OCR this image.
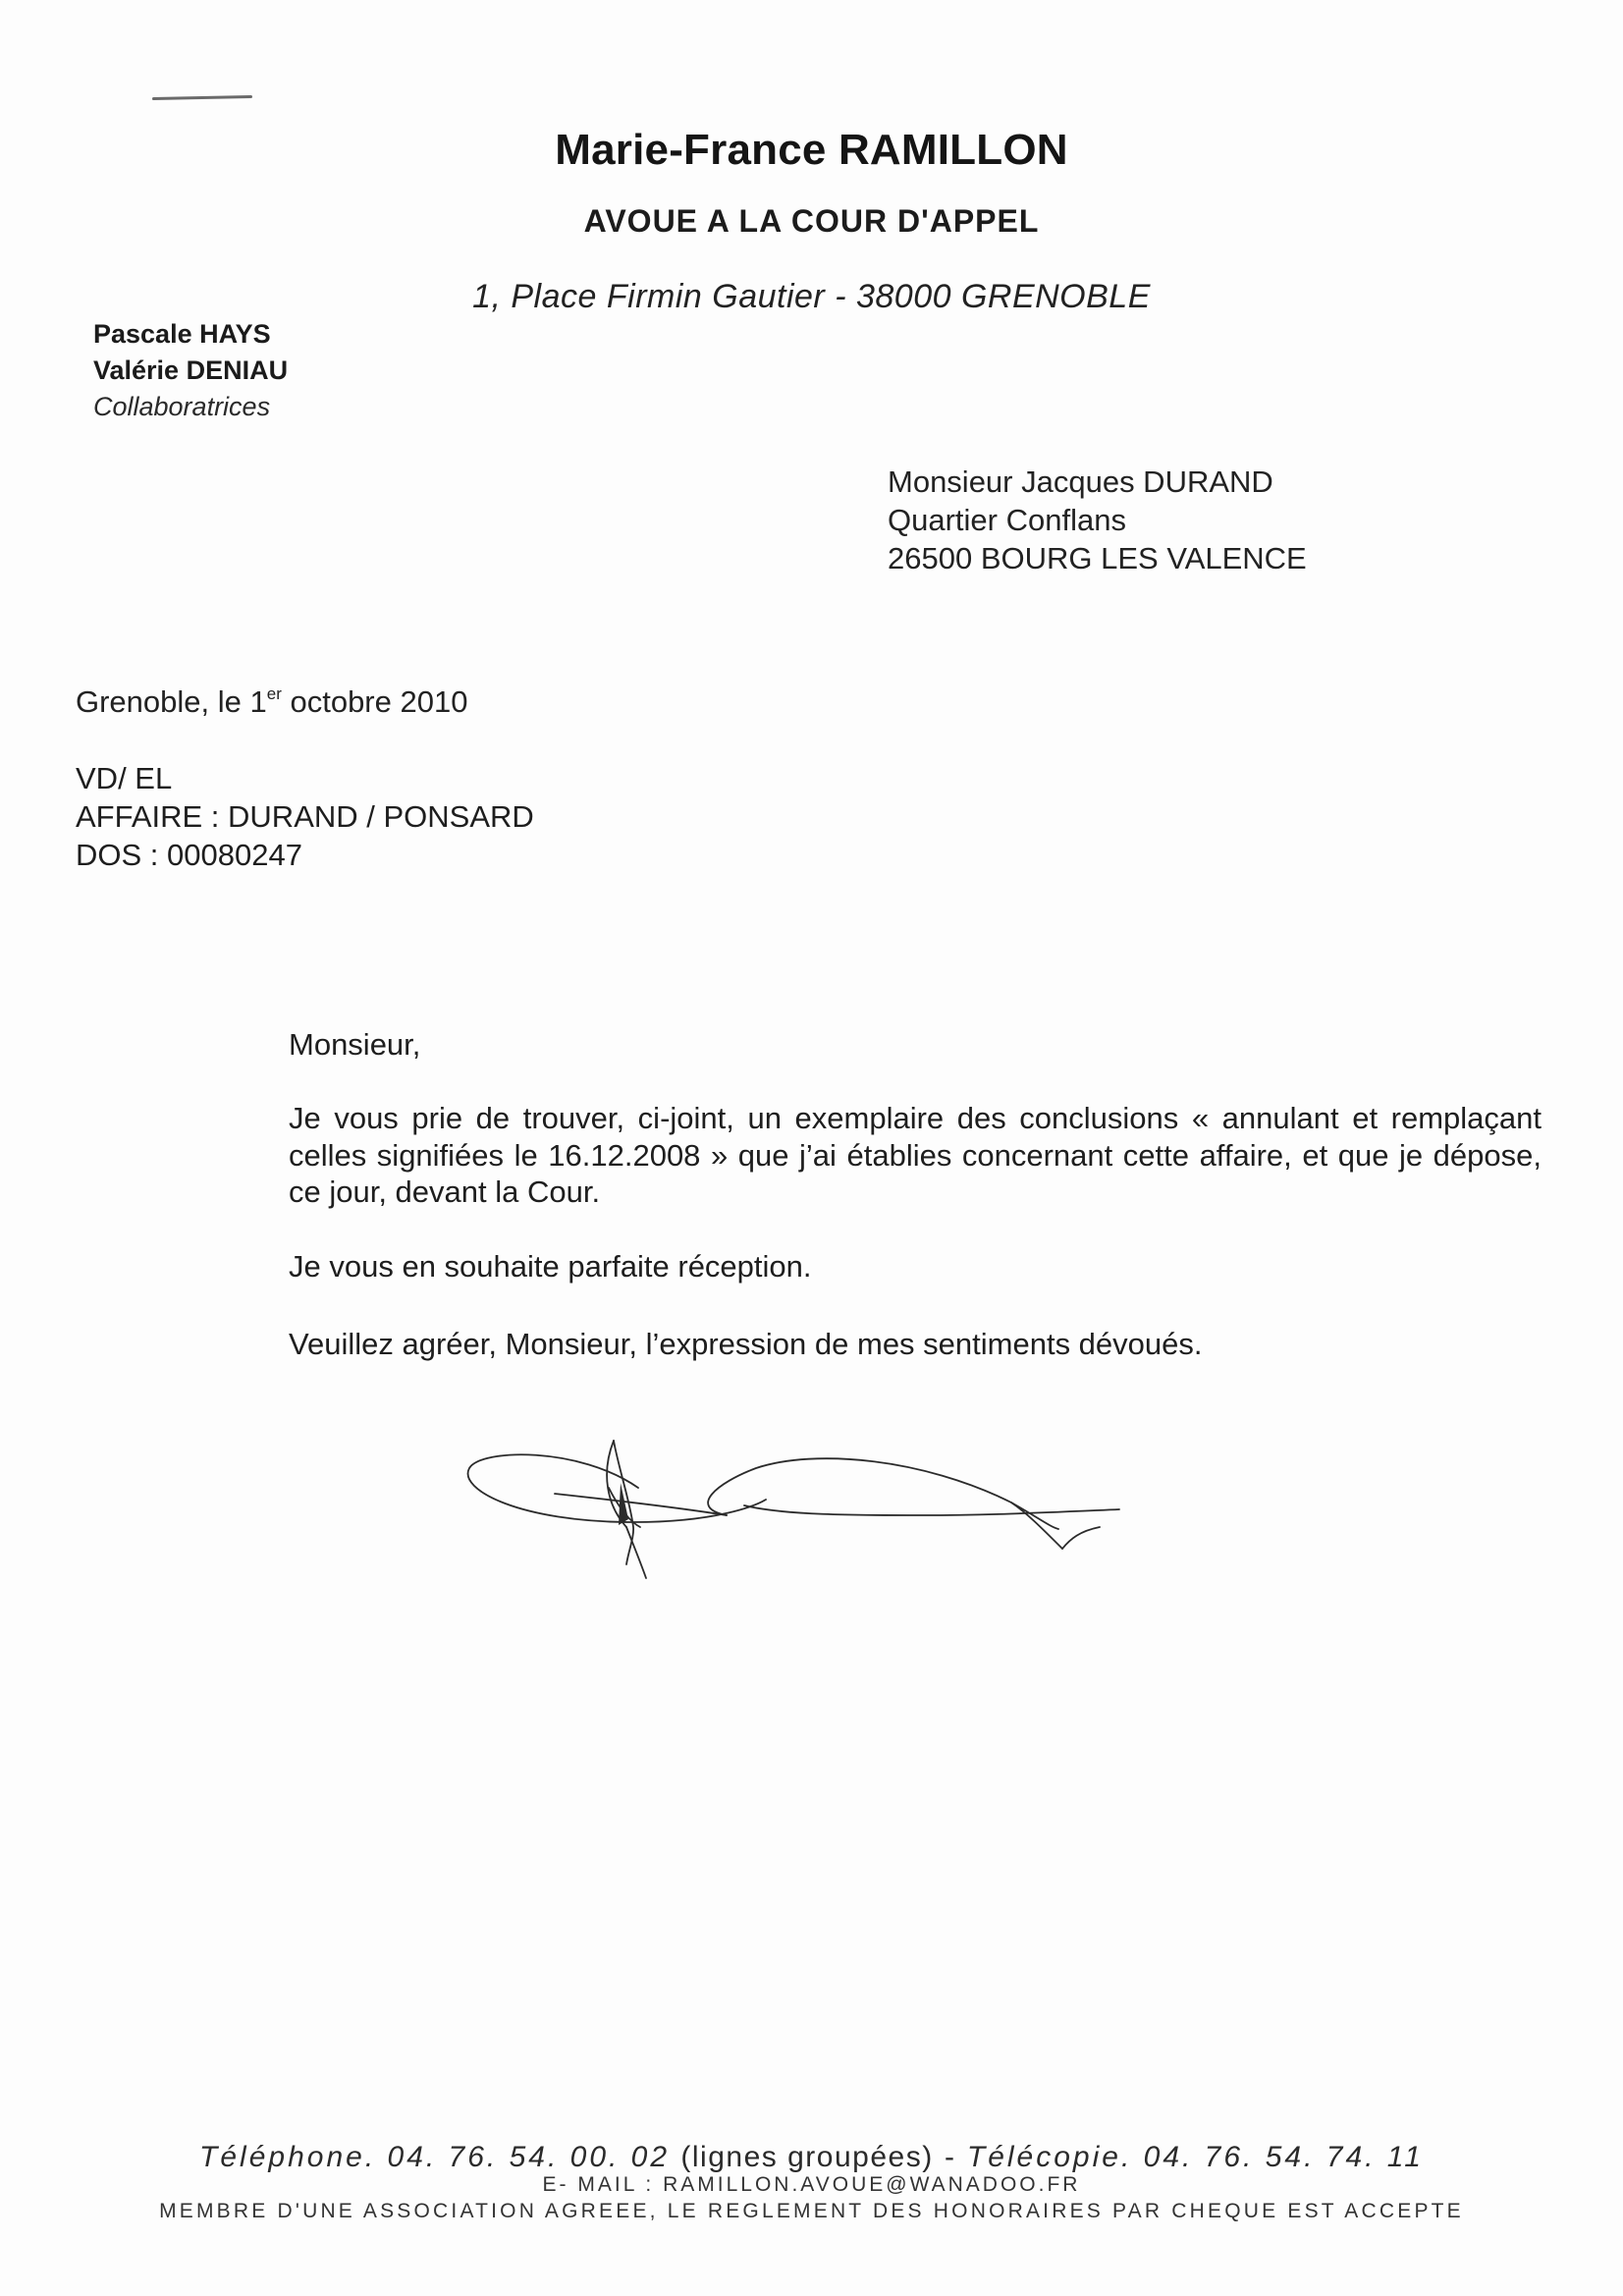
Marie-France RAMILLON
AVOUE A LA COUR D'APPEL
1, Place Firmin Gautier - 38000 GRENOBLE
Pascale HAYS
Valérie DENIAU
Collaboratrices
Monsieur Jacques DURAND
Quartier Conflans
26500 BOURG LES VALENCE
Grenoble, le 1er octobre 2010
VD/ EL
AFFAIRE : DURAND / PONSARD
DOS : 00080247
Monsieur,
Je vous prie de trouver, ci-joint, un exemplaire des conclusions « annulant et remplaçant celles signifiées le 16.12.2008 » que j’ai établies concernant cette affaire, et que je dépose, ce jour, devant la Cour.
Je vous en souhaite parfaite réception.
Veuillez agréer, Monsieur, l’expression de mes sentiments dévoués.
Téléphone. 04. 76. 54. 00. 02 (lignes groupées) - Télécopie. 04. 76. 54. 74. 11
E- MAIL : RAMILLON.AVOUE@WANADOO.FR
MEMBRE D'UNE ASSOCIATION AGREEE, LE REGLEMENT DES HONORAIRES PAR CHEQUE EST ACCEPTE
